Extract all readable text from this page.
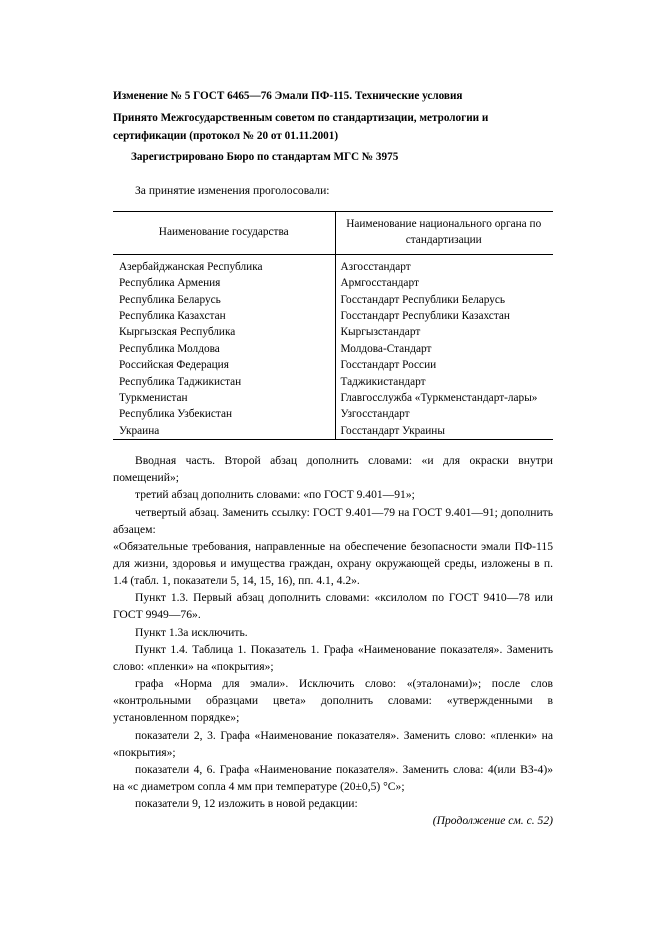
Изменение № 5 ГОСТ 6465—76 Эмали ПФ-115. Технические условия
Принято Межгосударственным советом по стандартизации, метрологии и сертификации (протокол № 20 от 01.11.2001)
Зарегистрировано Бюро по стандартам МГС № 3975
За принятие изменения проголосовали:
Наименование государства	Наименование национального органа по стандартизации
Азербайджанская Республика	Азгосстандарт
Республика Армения	Армгосстандарт
Республика Беларусь	Госстандарт Республики Беларусь
Республика Казахстан	Госстандарт Республики Казахстан
Кыргызская Республика	Кыргызстандарт
Республика Молдова	Молдова-Стандарт
Российская Федерация	Госстандарт России
Республика Таджикистан	Таджикистандарт
Туркменистан	Главгосслужба «Туркменстандарт-лары»
Республика Узбекистан	Узгосстандарт
Украина	Госстандарт Украины

Вводная часть. Второй абзац дополнить словами: «и для окраски внутри помещений»;

третий абзац дополнить словами: «по ГОСТ 9.401—91»;

четвертый абзац. Заменить ссылку: ГОСТ 9.401—79 на ГОСТ 9.401—91; дополнить абзацем:

«Обязательные требования, направленные на обеспечение безопасности эмали ПФ-115 для жизни, здоровья и имущества граждан, охрану окружающей среды, изложены в п. 1.4 (табл. 1, показатели 5, 14, 15, 16), пп. 4.1, 4.2».

Пункт 1.3. Первый абзац дополнить словами: «ксилолом по ГОСТ 9410—78 или ГОСТ 9949—76».

Пункт 1.3а исключить.

Пункт 1.4. Таблица 1. Показатель 1. Графа «Наименование показателя». Заменить слово: «пленки» на «покрытия»;

графа «Норма для эмали». Исключить слово: «(эталонами)»; после слов «контрольными образцами цвета» дополнить словами: «утвержденными в установленном порядке»;

показатели 2, 3. Графа «Наименование показателя». Заменить слово: «пленки» на «покрытия»;

показатели 4, 6. Графа «Наименование показателя». Заменить слова: 4(или ВЗ-4)» на «с диаметром сопла 4 мм при температуре (20±0,5) °С»;

показатели 9, 12 изложить в новой редакции:

(Продолжение см. с. 52)
